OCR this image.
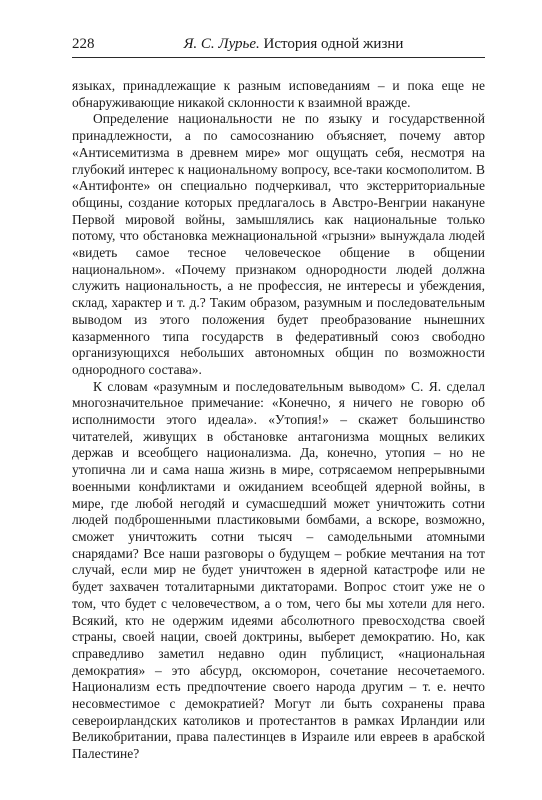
228	Я. С. Лурье. История одной жизни

языках, принадлежащие к разным исповеданиям – и пока еще не обнаруживающие никакой склонности к взаимной вражде.

Определение национальности не по языку и государственной принадлежности, а по самосознанию объясняет, почему автор «Антисемитизма в древнем мире» мог ощущать себя, несмотря на глубокий интерес к национальному вопросу, все-таки космополитом. В «Антифонте» он специально подчеркивал, что экстерриториальные общины, создание которых предлагалось в Австро-Венгрии накануне Первой мировой войны, замышлялись как национальные только потому, что обстановка межнациональной «грызни» вынуждала людей «видеть самое тесное человеческое общение в общении национальном». «Почему признаком однородности людей должна служить национальность, а не профессия, не интересы и убеждения, склад, характер и т. д.? Таким образом, разумным и последовательным выводом из этого положения будет преобразование нынешних казарменного типа государств в федеративный союз свободно организующихся небольших автономных общин по возможности однородного состава».

К словам «разумным и последовательным выводом» С. Я. сделал многозначительное примечание: «Конечно, я ничего не говорю об исполнимости этого идеала». «Утопия!» – скажет большинство читателей, живущих в обстановке антагонизма мощных великих держав и всеобщего национализма. Да, конечно, утопия – но не утопична ли и сама наша жизнь в мире, сотрясаемом непрерывными военными конфликтами и ожиданием всеобщей ядерной войны, в мире, где любой негодяй и сумасшедший может уничтожить сотни людей подброшенными пластиковыми бомбами, а вскоре, возможно, сможет уничтожить сотни тысяч – самодельными атомными снарядами? Все наши разговоры о будущем – робкие мечтания на тот случай, если мир не будет уничтожен в ядерной катастрофе или не будет захвачен тоталитарными диктаторами. Вопрос стоит уже не о том, что будет с человечеством, а о том, чего бы мы хотели для него. Всякий, кто не одержим идеями абсолютного превосходства своей страны, своей нации, своей доктрины, выберет демократию. Но, как справедливо заметил недавно один публицист, «национальная демократия» – это абсурд, оксюморон, сочетание несочетаемого. Национализм есть предпочтение своего народа другим – т. е. нечто несовместимое с демократией? Могут ли быть сохранены права североирландских католиков и протестантов в рамках Ирландии или Великобритании, права палестинцев в Израиле или евреев в арабской Палестине?
